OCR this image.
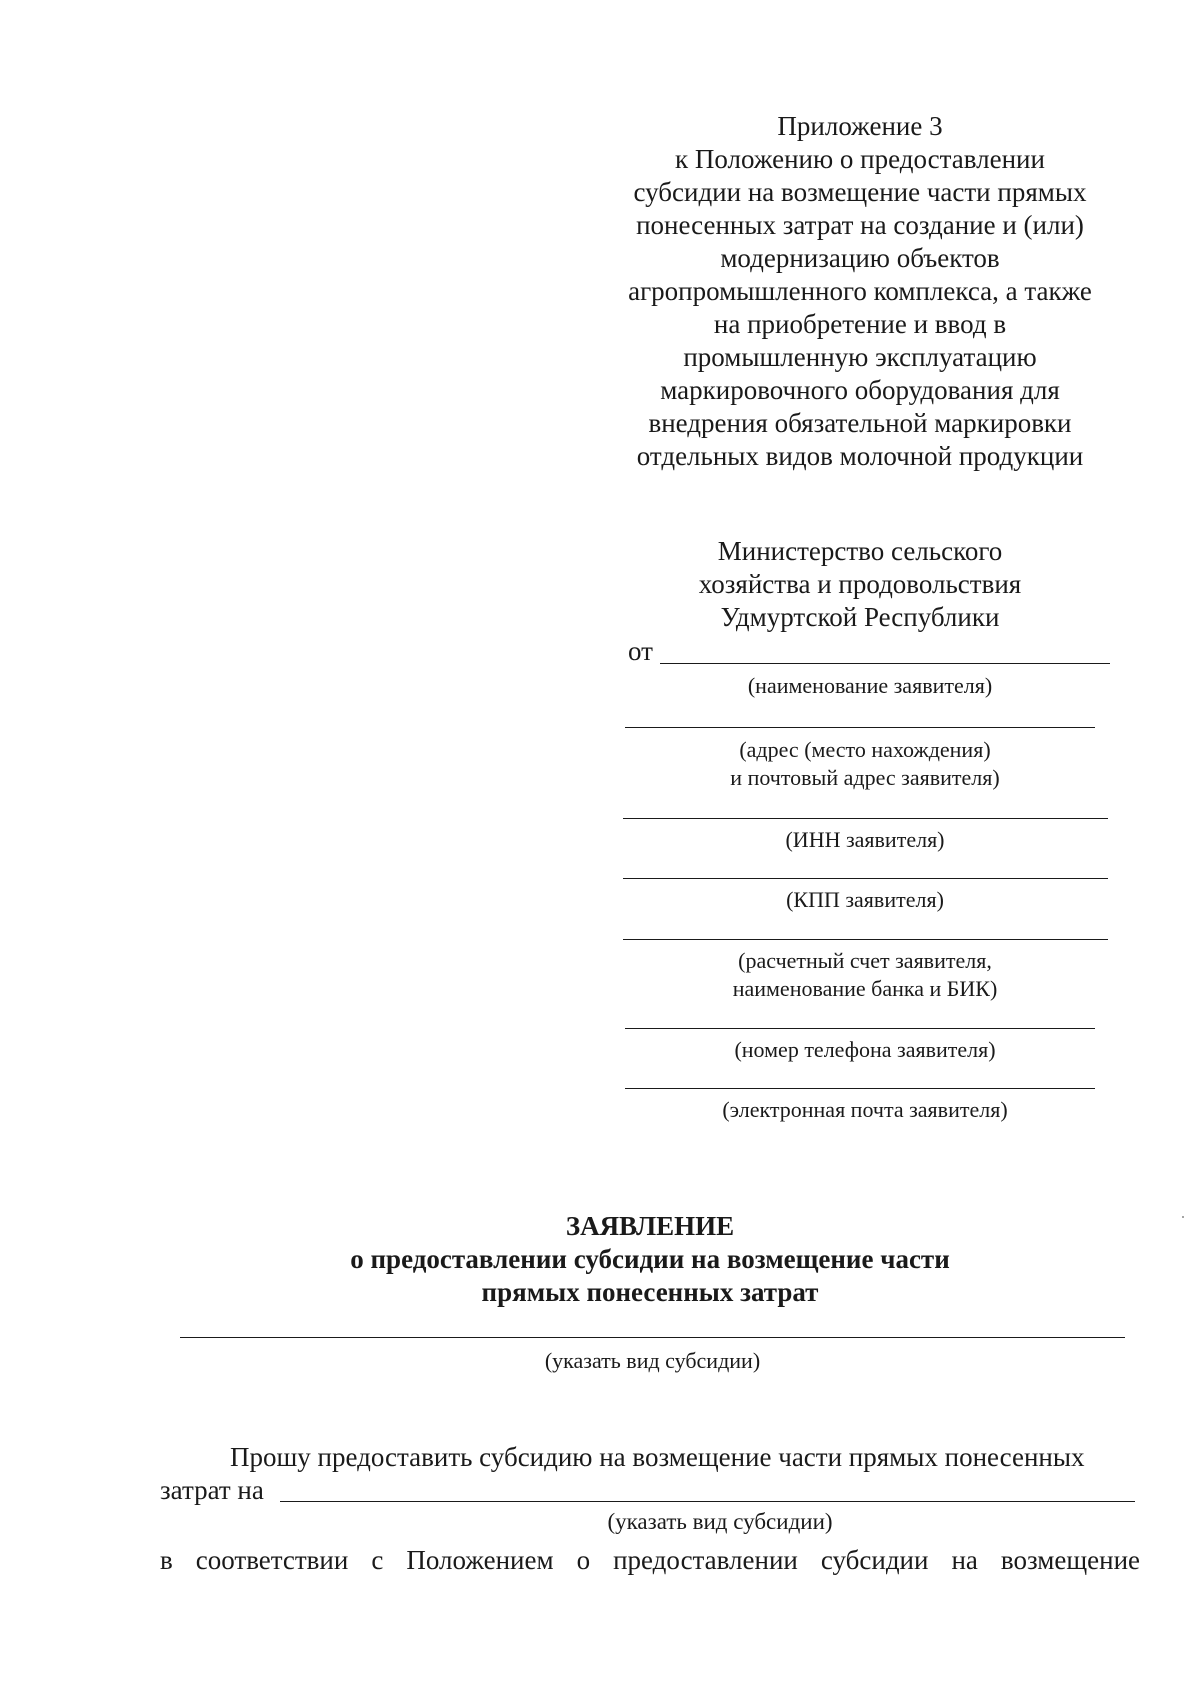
Приложение 3
к Положению о предоставлении
субсидии на возмещение части прямых
понесенных затрат на создание и (или)
модернизацию объектов
агропромышленного комплекса, а также
на приобретение и ввод в
промышленную эксплуатацию
маркировочного оборудования для
внедрения обязательной маркировки
отдельных видов молочной продукции
Министерство сельского
хозяйства и продовольствия
Удмуртской Республики
от
(наименование заявителя)
(адрес (место нахождения)
и почтовый адрес заявителя)
(ИНН заявителя)
(КПП заявителя)
(расчетный счет заявителя,
наименование банка и БИК)
(номер телефона заявителя)
(электронная почта заявителя)
ЗАЯВЛЕНИЕ
о предоставлении субсидии на возмещение части
прямых понесенных затрат
(указать вид субсидии)
Прошу предоставить субсидию на возмещение части прямых понесенных
затрат на
(указать вид субсидии)
в соответствии с Положением о предоставлении субсидии на возмещение
